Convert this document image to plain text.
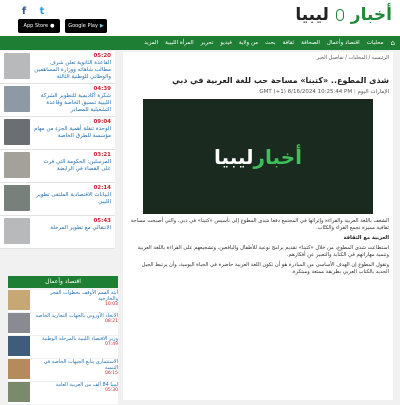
أخبار  ليبيا
t
f
▶
Google Play
●
App Store
⌂
محليات
اقتصاد وأعمال
الصحافة
ثقافة
بحث
من ولاية
فيديو
تحرير
المرأة الليبية
المزيد
05:20
القاعدة الثانوية تعلن شرف مطالب شاهاته ووزارة المساهمين والوطاني للوطنية الثالثة
04:39
شكرة أكاديمية للتطوير الشركة الليبية تنسيق الخاصة وقاعدة التشغيلية للمصادر
09:04
الوحدة تنقلة أهمية الجزء من مهام مؤسسة للطرق الخاصة
03:21
المرسلين: الحكومة التي فرت على القضاء في الرابضة
02:14
البيانات الاقتصادية الملتقى تطوير الليبي
05:43
الانتقالي مع تطوير المرحلة
اقتصاد وأعمال
أبثة القمم الأوقف بخطوات الفجر والخارجية
10:03
الاتحاد الأوروبي بالجهات التجارية الخاصة
08:21
وزير الاقتصاد الليبية بالمرحلة الوطنية
07:49
الاستثماري يتابع الجيهات الخاصة في التنمية
06:15
ليبيا 84 ألف من العربية العامة
05:30
الرئيسية / المحليات / تفاصيل الخبر
شذى المطوع.. «كتبنا» مساحة حب للغة العربية في دبي
الإمارات اليوم | GMT (+1) 8/16/2024 10:25:44 PM
أخبار
ليبيا

الشغف باللغة العربية والقراءة وإثرائها في المجتمع دفعا شذى المطوع إلى تأسيس «كتبنا» في دبي، والتي أصبحت مساحة ثقافية مميزة تجمع القراء والكتّاب.

العربية مع الثقافة

استطاعت شذى المطوع، من خلال «كتبنا» تقديم برامج نوعية للأطفال واليافعين، وتشجيعهم على القراءة باللغة العربية وتنمية مهاراتهم في الكتابة والتعبير عن أفكارهم.

وتقول المطوع إن الهدف الأساسي من المبادرة هو أن تكون اللغة العربية حاضرة في الحياة اليومية، وأن يرتبط الجيل الجديد بالكتاب العربي بطريقة ممتعة ومبتكرة.
